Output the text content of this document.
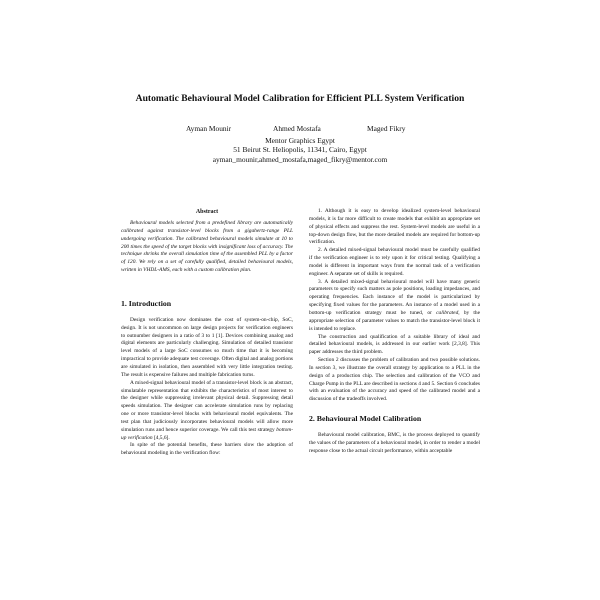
Automatic Behavioural Model Calibration for Efficient PLL System Verification
Ayman Mounir	Ahmed Mostafa	Maged Fikry
Mentor Graphics Egypt
51 Beirut St. Heliopolis, 11341, Cairo, Egypt
ayman_mounir,ahmed_mostafa,maged_fikry@mentor.com
Abstract

Behavioural models selected from a predefined library are automatically calibrated against transistor-level blocks from a gigahertz-range PLL undergoing verification. The calibrated behavioural models simulate at 10 to 200 times the speed of the target blocks with insignificant loss of accuracy. The technique shrinks the overall simulation time of the assembled PLL by a factor of 120. We rely on a set of carefully qualified, detailed behavioural models, written in VHDL-AMS, each with a custom calibration plan.

1. Introduction

Design verification now dominates the cost of system-on-chip, SoC, design. It is not uncommon on large design projects for verification engineers to outnumber designers in a ratio of 3 to 1 [1]. Devices combining analog and digital elements are particularly challenging. Simulation of detailed transistor level models of a large SoC consumes so much time that it is becoming impractical to provide adequate test coverage. Often digital and analog portions are simulated in isolation, then assembled with very little integration testing. The result is expensive failures and multiple fabrication turns.

A mixed-signal behavioural model of a transistor-level block is an abstract, simulatable representation that exhibits the characteristics of most interest to the designer while suppressing irrelevant physical detail. Suppressing detail speeds simulation. The designer can accelerate simulation runs by replacing one or more transistor-level blocks with behavioural model equivalents. The test plan that judiciously incorporates behavioural models will allow more simulation runs and hence superior coverage. We call this test strategy bottom-up verification [4,5,6].

In spite of the potential benefits, these barriers slow the adoption of behavioural modeling in the verification flow:

1. Although it is easy to develop idealized system-level behavioural models, it is far more difficult to create models that exhibit an appropriate set of physical effects and suppress the rest. System-level models are useful in a top-down design flow, but the more detailed models are required for bottom-up verification.

2. A detailed mixed-signal behavioural model must be carefully qualified if the verification engineer is to rely upon it for critical testing. Qualifying a model is different in important ways from the normal task of a verification engineer. A separate set of skills is required.

3. A detailed mixed-signal behavioural model will have many generic parameters to specify such matters as pole positions, loading impedances, and operating frequencies. Each instance of the model is particularized by specifying fixed values for the parameters. An instance of a model used in a bottom-up verification strategy must be tuned, or calibrated, by the appropriate selection of parameter values to match the transistor-level block it is intended to replace.

The construction and qualification of a suitable library of ideal and detailed behavioural models, is addressed in our earlier work [2,3,8]. This paper addresses the third problem.

Section 2 discusses the problem of calibration and two possible solutions. In section 3, we illustrate the overall strategy by application to a PLL in the design of a production chip. The selection and calibration of the VCO and Charge Pump in the PLL are described in sections 4 and 5. Section 6 concludes with an evaluation of the accuracy and speed of the calibrated model and a discussion of the tradeoffs involved.

2. Behavioural Model Calibration

Behavioural model calibration, BMC, is the process deployed to quantify the values of the parameters of a behavioural model, in order to render a model response close to the actual circuit performance, within acceptable
